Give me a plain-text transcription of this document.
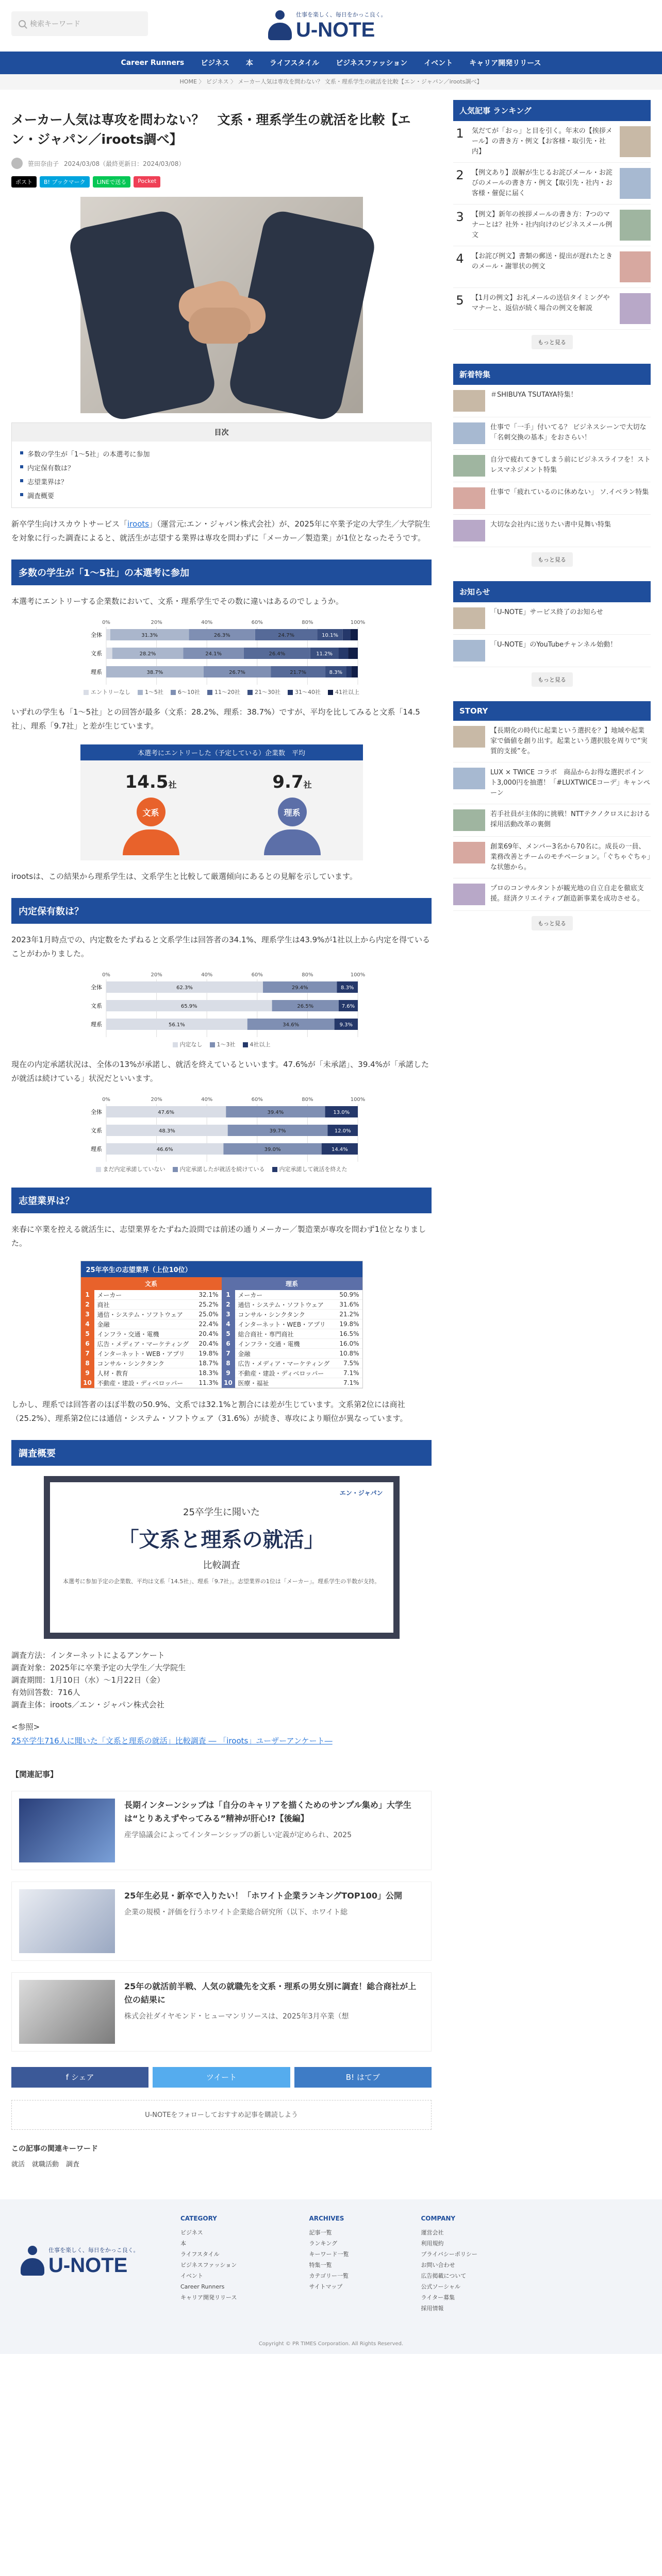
検索キーワード
仕事を楽しく、毎日をかっこ良く。
U-NOTE
Career Runners	ビジネス	本	ライフスタイル	ビジネスファッション	イベント	キャリア開発リリース
HOME 〉 ビジネス 〉 メーカー人気は専攻を問わない？ 文系・理系学生の就活を比較【エン・ジャパン／iroots調べ】
メーカー人気は専攻を問わない？　文系・理系学生の就活を比較【エン・ジャパン／iroots調べ】
笹田奈由子 2024/03/08（最終更新日：2024/03/08）
ポスト	B! ブックマーク	LINEで送る	Pocket
目次
多数の学生が「1～5社」の本選考に参加
内定保有数は？
志望業界は？
調査概要

新卒学生向けスカウトサービス「iroots」（運営元:エン・ジャパン株式会社）が、2025年に卒業予定の大学生／大学院生を対象に行った調査によると、就活生が志望する業界は専攻を問わずに「メーカー／製造業」が1位となったそうです。

多数の学生が「1～5社」の本選考に参加

本選考にエントリーする企業数において、文系・理系学生でその数に違いはあるのでしょうか。

0%	20%	40%	60%	80%	100%
全体	31.3%	26.3%	24.7%	10.1%
文系	28.2%	24.1%	26.4%	11.2%
理系	38.7%	26.7%	21.7%	8.3%
エントリーなし	1～5社	6～10社	11～20社	21～30社	31～40社	41社以上

いずれの学生も「1～5社」との回答が最多（文系：28.2%、理系：38.7%）ですが、平均を比してみると文系「14.5社」、理系「9.7社」と差が生じています。

本選考にエントリーした（予定している）企業数　平均
14.5社
文系
9.7社
理系

irootsは、この結果から理系学生は、文系学生と比較して厳選傾向にあるとの見解を示しています。

内定保有数は？

2023年1月時点での、内定数をたずねると文系学生は回答者の34.1%、理系学生は43.9%が1社以上から内定を得ていることがわかりました。

0%	20%	40%	60%	80%	100%
全体	62.3%	29.4%	8.3%
文系	65.9%	26.5%	7.6%
理系	56.1%	34.6%	9.3%
内定なし	1～3社	4社以上

現在の内定承諾状況は、全体の13%が承諾し、就活を終えているといいます。47.6%が「未承諾」、39.4%が「承諾したが就活は続けている」状況だといいます。

0%	20%	40%	60%	80%	100%
全体	47.6%	39.4%	13.0%
文系	48.3%	39.7%	12.0%
理系	46.6%	39.0%	14.4%
まだ内定承諾していない	内定承諾したが就活を続けている	内定承諾して就活を終えた
志望業界は？

来春に卒業を控える就活生に、志望業界をたずねた設問では前述の通りメーカー／製造業が専攻を問わず1位となりました。

25年卒生の志望業界（上位10位）
文系
1	メーカー	32.1%
2	商社	25.2%
3	通信・システム・ソフトウェア	25.0%
4	金融	22.4%
5	インフラ・交通・電機	20.4%
6	広告・メディア・マーケティング	20.4%
7	インターネット・WEB・アプリ	19.8%
8	コンサル・シンクタンク	18.7%
9	人材・教育	18.3%
10 不動産・建設・ディベロッパー	11.3%
理系
1	メーカー	50.9%
2	通信・システム・ソフトウェア	31.6%
3	コンサル・シンクタンク	21.2%
4	インターネット・WEB・アプリ	19.8%
5	総合商社・専門商社	16.5%
6	インフラ・交通・電機	16.0%
7	金融	10.8%
8	広告・メディア・マーケティング	7.5%
9	不動産・建設・ディベロッパー	7.1%
10 医療・福祉	7.1%

しかし、理系では回答者のほぼ半数の50.9%、文系では32.1%と割合には差が生じています。文系第2位には商社（25.2%）、理系第2位には通信・システム・ソフトウェア（31.6%）が続き、専攻により順位が異なっています。

調査概要
エン・ジャパン
25卒学生に聞いた
「文系と理系の就活」
比較調査
本選考に参加予定の企業数、平均は文系「14.5社」、理系「9.7社」。志望業界の1位は「メーカー」。理系学生の半数が支持。

調査方法：インターネットによるアンケート

調査対象：2025年に卒業予定の大学生／大学院生

調査期間：1月10日（水）〜1月22日（金）

有効回答数：716人

調査主体：iroots／エン・ジャパン株式会社

<参照>

25卒学生716人に聞いた「文系と理系の就活」比較調査 ― 「iroots」ユーザーアンケート―

【関連記事】
長期インターンシップは「自分のキャリアを描くためのサンプル集め」大学生は“とりあえずやってみる”精神が肝心!?【後編】
産学協議会によってインターンシップの新しい定義が定められ、2025
25年生必見・新卒で入りたい！「ホワイト企業ランキングTOP100」公開
企業の規模・評価を行うホワイト企業総合研究所（以下、ホワイト総
25年の就活前半戦、人気の就職先を文系・理系の男女別に調査！総合商社が上位の結果に
株式会社ダイヤモンド・ヒューマンリソースは、2025年3月卒業（想
f シェア	ツイート	B! はてブ
U-NOTEをフォローしておすすめ記事を購読しよう
この記事の関連キーワード
就活 就職活動 調査
人気記事 ランキング
1	気だてが「おっ」と目を引く。年末の【挨拶メール】の書き方・例文【お客様・取引先・社内】
2	【例文あり】誤解が生じるお詫びメール・お詫びのメールの書き方・例文【取引先・社内・お客様・催促に届く
3	【例文】新年の挨拶メールの書き方：7つのマナーとは？社外・社内向けのビジネスメール例文
4	【お詫び例文】書類の郵送・提出が遅れたときのメール・謝罪状の例文
5	【1月の例文】お礼メールの送信タイミングやマナーと、返信が続く場合の例文を解説
もっと見る
新着特集
＃SHIBUYA TSUTAYA特集！
仕事で「一手」付いてる？ ビジネスシーンで大切な「名刺交換の基本」をおさらい！
自分で疲れてきてしまう前にビジネスライフを！ストレスマネジメント特集
仕事で「疲れているのに休めない」 ソ.イベラン特集
大切な会社内に送りたい書中見舞い特集
もっと見る
お知らせ
「U-NOTE」サービス終了のお知らせ
「U-NOTE」のYouTubeチャンネル始動！
もっと見る
STORY
【長期化の時代に起業という選択を？】地域や起業家で価値を創り出す。起業という選択肢を周りで“実質的支援”を。
LUX × TWICE コラボ　商品からお得な選択ポイント3,000円を抽選！「#LUXTWICEコーデ」キャンペーン
若手社員が主体的に挑戦！NTTテクノクロスにおける採用活動改革の裏側
創業69年、メンバー3名から70名に。成長の一員、業務改善とチームのモチベーション。「ぐちゃぐちゃ」な状態から。
プロのコンサルタントが観光地の自立自走を徹底支援。経済クリエイティブ創造新事業を成功させる。
もっと見る
仕事を楽しく、毎日をかっこ良く。
U-NOTE
CATEGORY
ビジネス
本
ライフスタイル
ビジネスファッション
イベント
Career Runners
キャリア開発リリース
ARCHIVES
記事一覧
ランキング
キーワード一覧
特集一覧
カテゴリー一覧
サイトマップ
COMPANY
運営会社
利用規約
プライバシーポリシー
お問い合わせ
広告掲載について
公式ソーシャル
ライター募集
採用情報
Copyright © PR TIMES Corporation. All Rights Reserved.
